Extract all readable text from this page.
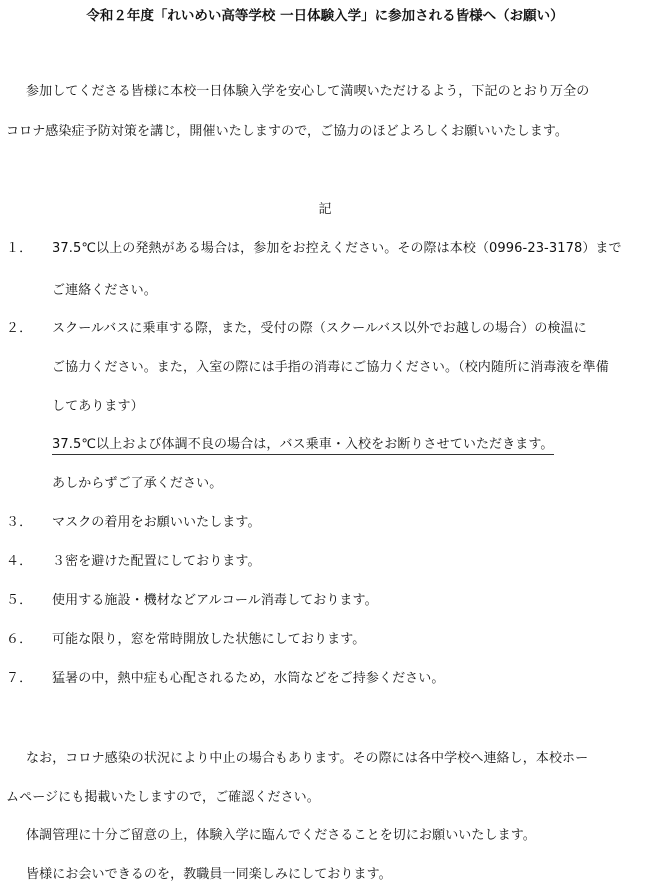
令和２年度「れいめい高等学校 一日体験入学」に参加される皆様へ（お願い）
参加してくださる皆様に本校一日体験入学を安心して満喫いただけるよう，下記のとおり万全の
コロナ感染症予防対策を講じ，開催いたしますので，ご協力のほどよろしくお願いいたします。
記
１． 37.5℃以上の発熱がある場合は，参加をお控えください。その際は本校（0996-23-3178）まで
ご連絡ください。
２． スクールバスに乗車する際，また，受付の際（スクールバス以外でお越しの場合）の検温に
ご協力ください。また，入室の際には手指の消毒にご協力ください。（校内随所に消毒液を準備
してあります）
37.5℃以上および体調不良の場合は，バス乗車・入校をお断りさせていただきます。
あしからずご了承ください。
３． マスクの着用をお願いいたします。
４． ３密を避けた配置にしております。
５． 使用する施設・機材などアルコール消毒しております。
６． 可能な限り，窓を常時開放した状態にしております。
７． 猛暑の中，熱中症も心配されるため，水筒などをご持参ください。
なお，コロナ感染の状況により中止の場合もあります。その際には各中学校へ連絡し，本校ホー
ムページにも掲載いたしますので，ご確認ください。
体調管理に十分ご留意の上，体験入学に臨んでくださることを切にお願いいたします。
皆様にお会いできるのを，教職員一同楽しみにしております。
